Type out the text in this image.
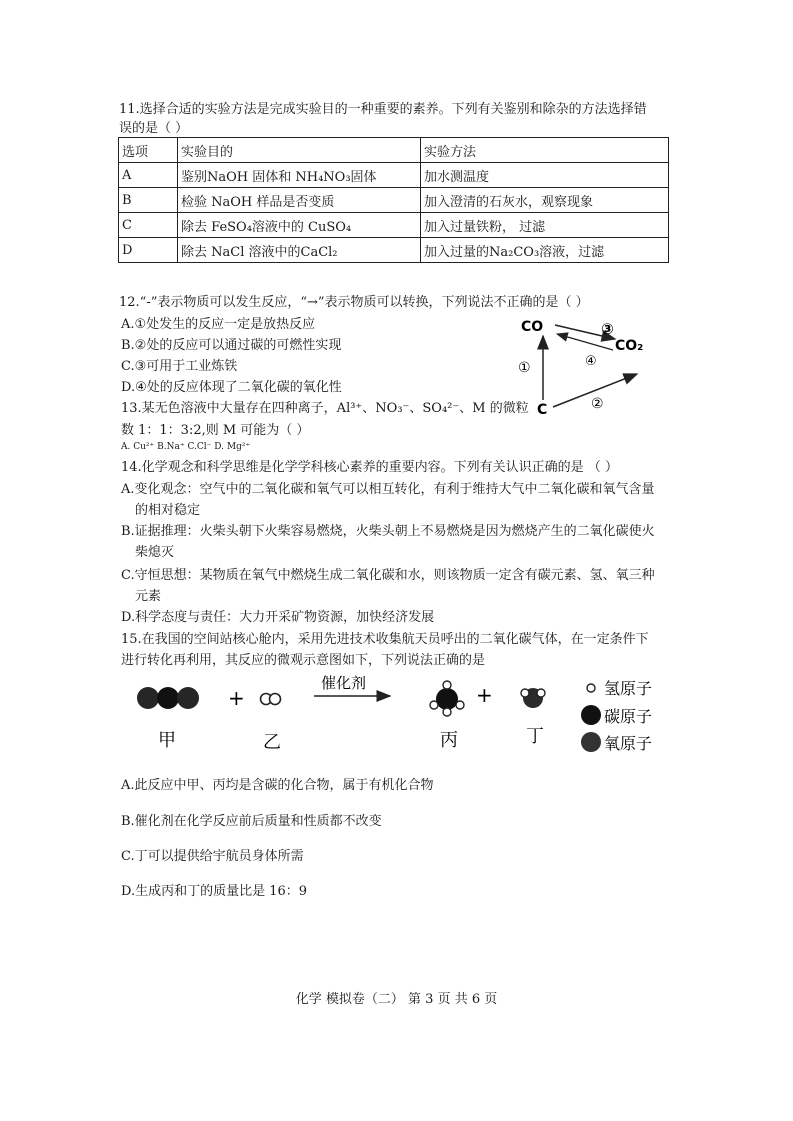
11.选择合适的实验方法是完成实验目的一种重要的素养。下列有关鉴别和除杂的方法选择错
误的是（ ）
选项	实验目的	实验方法
A	鉴别NaOH 固体和 NH₄NO₃固体	加水测温度
B	检验 NaOH 样品是否变质	加入澄清的石灰水，观察现象
C	除去 FeSO₄溶液中的 CuSO₄	加入过量铁粉， 过滤
D	除去 NaCl 溶液中的CaCl₂	加入过量的Na₂CO₃溶液，过滤
12.“-”表示物质可以发生反应，“→”表示物质可以转换，下列说法不正确的是（ ）
A.①处发生的反应一定是放热反应
B.②处的反应可以通过碳的可燃性实现
C.③可用于工业炼铁
D.④处的反应体现了二氧化碳的氧化性
CO
CO₂
C
③
④
①
②
13.某无色溶液中大量存在四种离子，Al³⁺、NO₃⁻、SO₄²⁻、M 的微粒
数 1：1：3:2,则 M 可能为（ ）
A. Cu²⁺ B.Na⁺ C.Cl⁻ D. Mg²⁺
14.化学观念和科学思维是化学学科核心素养的重要内容。下列有关认识正确的是 （ ）
A.变化观念：空气中的二氧化碳和氧气可以相互转化，有利于维持大气中二氧化碳和氧气含量
的相对稳定
B.证据推理：火柴头朝下火柴容易燃烧，火柴头朝上不易燃烧是因为燃烧产生的二氧化碳使火
柴熄灭
C.守恒思想：某物质在氧气中燃烧生成二氧化碳和水，则该物质一定含有碳元素、氢、氧三种
元素
D.科学态度与责任：大力开采矿物资源，加快经济发展
15.在我国的空间站核心舱内，采用先进技术收集航天员呼出的二氧化碳气体，在一定条件下
进行转化再利用，其反应的微观示意图如下，下列说法正确的是
+
催化剂	+
甲	乙	丙	丁
氢原子
碳原子
氧原子
A.此反应中甲、丙均是含碳的化合物，属于有机化合物
B.催化剂在化学反应前后质量和性质都不改变
C.丁可以提供给宇航员身体所需
D.生成丙和丁的质量比是 16：9
化学 模拟卷（二） 第 3 页 共 6 页
